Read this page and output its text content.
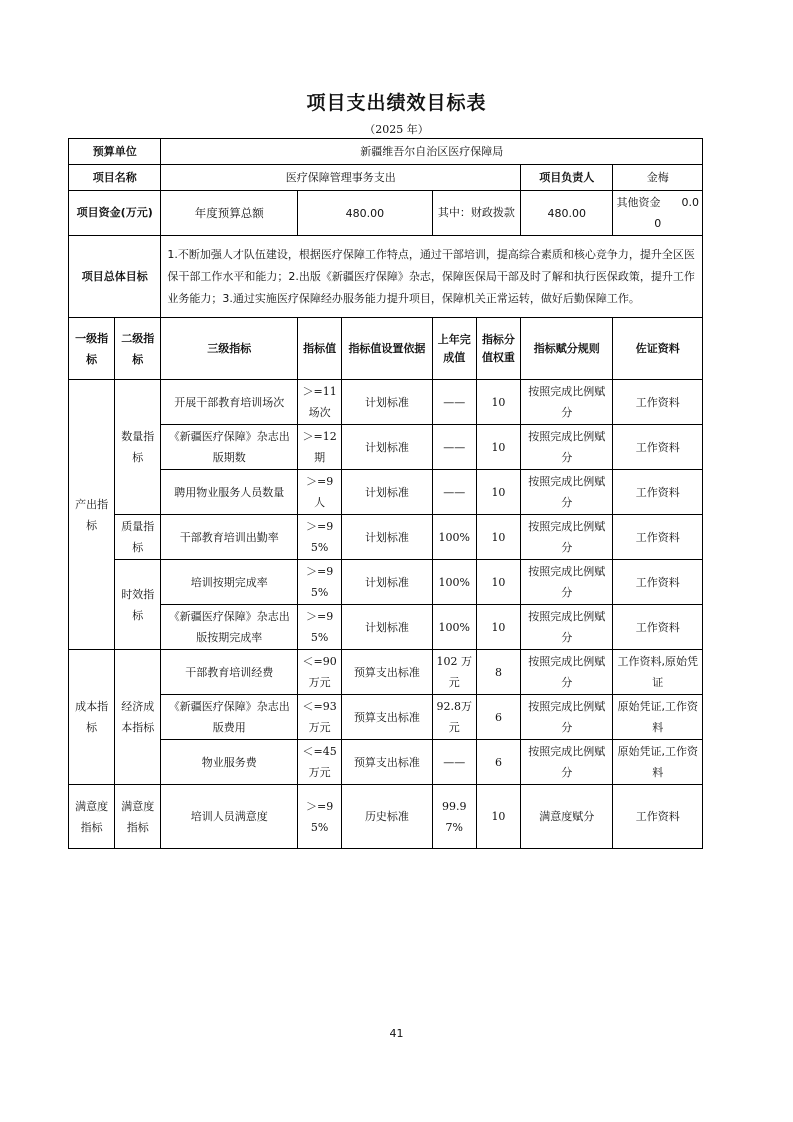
项目支出绩效目标表
（2025 年）
预算单位		新疆维吾尔自治区医疗保障局						
项目名称		医疗保障管理事务支出					项目负责人	金梅
项目资金(万元)		年度预算总额	480.00		其中：财政拨款		480.00	其他资金 0.00
项目总体目标		1.不断加强人才队伍建设，根据医疗保障工作特点，通过干部培训，提高综合素质和核心竞争力，提升全区医保干部工作水平和能力；2.出版《新疆医疗保障》杂志，保障医保局干部及时了解和执行医保政策，提升工作业务能力；3.通过实施医疗保障经办服务能力提升项目，保障机关正常运转，做好后勤保障工作。						
一级指标	二级指标	三级指标	指标值	指标值设置依据	上年完成值	指标分值权重	指标赋分规则	佐证资料
产出指标	数量指标	开展干部教育培训场次	＞=11场次	计划标准	——	10	按照完成比例赋分	工作资料
		《新疆医疗保障》杂志出版期数	＞=12期	计划标准	——	10	按照完成比例赋分	工作资料
		聘用物业服务人员数量	＞=9人	计划标准	——	10	按照完成比例赋分	工作资料
	质量指标	干部教育培训出勤率	＞=95%	计划标准	100%	10	按照完成比例赋分	工作资料
	时效指标	培训按期完成率	＞=95%	计划标准	100%	10	按照完成比例赋分	工作资料
		《新疆医疗保障》杂志出版按期完成率	＞=95%	计划标准	100%	10	按照完成比例赋分	工作资料
成本指标	经济成本指标	干部教育培训经费	＜=90万元	预算支出标准	102 万元	8	按照完成比例赋分	工作资料,原始凭证
		《新疆医疗保障》杂志出版费用	＜=93万元	预算支出标准	92.8万元	6	按照完成比例赋分	原始凭证,工作资料
		物业服务费	＜=45万元	预算支出标准	——	6	按照完成比例赋分	原始凭证,工作资料
满意度指标	满意度指标	培训人员满意度	＞=95%	历史标准	99.97%	10	满意度赋分	工作资料
41
